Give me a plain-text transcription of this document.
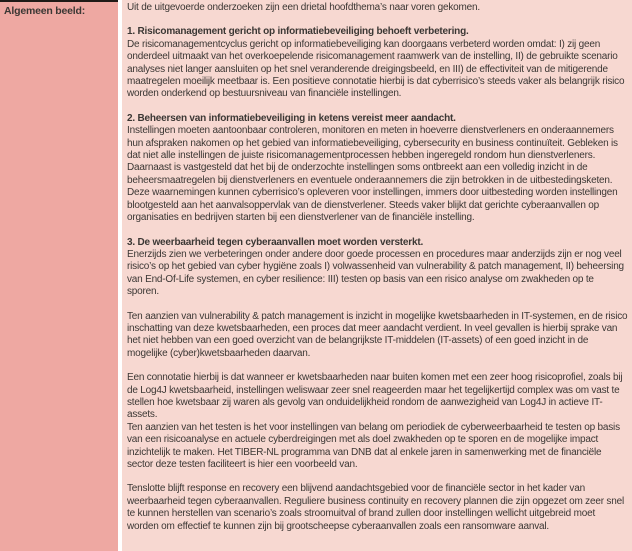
Algemeen beeld:	Uit de uitgevoerde onderzoeken zijn een drietal hoofdthema’s naar voren gekomen.
1. Risicomanagement gericht op informatiebeveiliging behoeft verbetering.
De risicomanagementcyclus gericht op informatiebeveiliging kan doorgaans verbeterd worden omdat: I) zij geen onderdeel uitmaakt van het overkoepelende risicomanagement raamwerk van de instelling, II) de gebruikte scenario analyses niet langer aansluiten op het snel veranderende dreigingsbeeld, en III) de effectiviteit van de mitigerende maatregelen moeilijk meetbaar is. Een positieve connotatie hierbij is dat cyberrisico’s steeds vaker als belangrijk risico worden onderkend op bestuursniveau van financiële instellingen.
2. Beheersen van informatiebeveiliging in ketens vereist meer aandacht.
Instellingen moeten aantoonbaar controleren, monitoren en meten in hoeverre dienstverleners en onderaannemers hun afspraken nakomen op het gebied van informatiebeveiliging, cybersecurity en business continuïteit. Gebleken is dat niet alle instellingen de juiste risicomanagementprocessen hebben ingeregeld rondom hun dienstverleners.
Daarnaast is vastgesteld dat het bij de onderzochte instellingen soms ontbreekt aan een volledig inzicht in de beheersmaatregelen bij dienstverleners en eventuele onderaannemers die zijn betrokken in de uitbestedingsketen. Deze waarnemingen kunnen cyberrisico’s opleveren voor instellingen, immers door uitbesteding worden instellingen blootgesteld aan het aanvalsoppervlak van de dienstverlener. Steeds vaker blijkt dat gerichte cyberaanvallen op organisaties en bedrijven starten bij een dienstverlener van de financiële instelling.
3. De weerbaarheid tegen cyberaanvallen moet worden versterkt.
Enerzijds zien we verbeteringen onder andere door goede processen en procedures maar anderzijds zijn er nog veel risico’s op het gebied van cyber hygiëne zoals I) volwassenheid van vulnerability & patch management, II) beheersing van End-Of-Life systemen, en cyber resilience: III) testen op basis van een risico analyse om zwakheden op te sporen.
Ten aanzien van vulnerability & patch management is inzicht in mogelijke kwetsbaarheden in IT-systemen, en de risico inschatting van deze kwetsbaarheden, een proces dat meer aandacht verdient. In veel gevallen is hierbij sprake van het niet hebben van een goed overzicht van de belangrijkste IT-middelen (IT-assets) of een goed inzicht in de mogelijke (cyber)kwetsbaarheden daarvan.
Een connotatie hierbij is dat wanneer er kwetsbaarheden naar buiten komen met een zeer hoog risicoprofiel, zoals bij de Log4J kwetsbaarheid, instellingen weliswaar zeer snel reageerden maar het tegelijkertijd complex was om vast te stellen hoe kwetsbaar zij waren als gevolg van onduidelijkheid rondom de aanwezigheid van Log4J in actieve IT-assets.
Ten aanzien van het testen is het voor instellingen van belang om periodiek de cyberweerbaarheid te testen op basis van een risicoanalyse en actuele cyberdreigingen met als doel zwakheden op te sporen en de mogelijke impact inzichtelijk te maken. Het TIBER-NL programma van DNB dat al enkele jaren in samenwerking met de financiële sector deze testen faciliteert is hier een voorbeeld van.
Tenslotte blijft response en recovery een blijvend aandachtsgebied voor de financiële sector in het kader van weerbaarheid tegen cyberaanvallen. Reguliere business continuity en recovery plannen die zijn opgezet om zeer snel te kunnen herstellen van scenario’s zoals stroomuitval of brand zullen door instellingen wellicht uitgebreid moet worden om effectief te kunnen zijn bij grootscheepse cyberaanvallen zoals een ransomware aanval.
